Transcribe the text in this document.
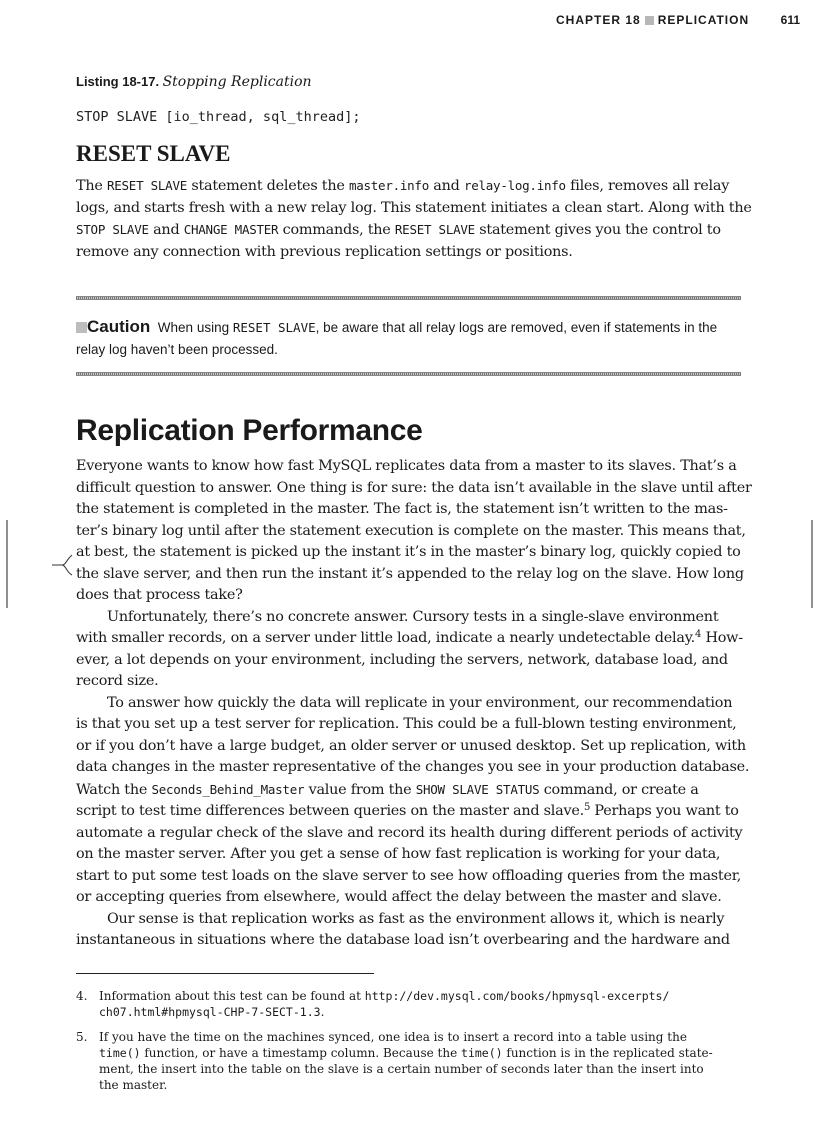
CHAPTER 18 REPLICATION	611
Listing 18-17. Stopping Replication
STOP SLAVE [io_thread, sql_thread];
RESET SLAVE

The RESET SLAVE statement deletes the master.info and relay-log.info files, removes all relay
logs, and starts fresh with a new relay log. This statement initiates a clean start. Along with the
STOP SLAVE and CHANGE MASTER commands, the RESET SLAVE statement gives you the control to
remove any connection with previous replication settings or positions.

Caution When using RESET SLAVE, be aware that all relay logs are removed, even if statements in the
relay log haven’t been processed.
Replication Performance

Everyone wants to know how fast MySQL replicates data from a master to its slaves. That’s a
difficult question to answer. One thing is for sure: the data isn’t available in the slave until after
the statement is completed in the master. The fact is, the statement isn’t written to the mas-
ter’s binary log until after the statement execution is complete on the master. This means that,
at best, the statement is picked up the instant it’s in the master’s binary log, quickly copied to
the slave server, and then run the instant it’s appended to the relay log on the slave. How long
does that process take?
Unfortunately, there’s no concrete answer. Cursory tests in a single-slave environment
with smaller records, on a server under little load, indicate a nearly undetectable delay.$^4$ How-
ever, a lot depends on your environment, including the servers, network, database load, and
record size.
To answer how quickly the data will replicate in your environment, our recommendation
is that you set up a test server for replication. This could be a full-blown testing environment,
or if you don’t have a large budget, an older server or unused desktop. Set up replication, with
data changes in the master representative of the changes you see in your production database.
Watch the Seconds_Behind_Master value from the SHOW SLAVE STATUS command, or create a
script to test time differences between queries on the master and slave.$^5$ Perhaps you want to
automate a regular check of the slave and record its health during different periods of activity
on the master server. After you get a sense of how fast replication is working for your data,
start to put some test loads on the slave server to see how offloading queries from the master,
or accepting queries from elsewhere, would affect the delay between the master and slave.
Our sense is that replication works as fast as the environment allows it, which is nearly
instantaneous in situations where the database load isn’t overbearing and the hardware and

4. Information about this test can be found at http://dev.mysql.com/books/hpmysql-excerpts/
ch07.html#hpmysql-CHP-7-SECT-1.3.
5. If you have the time on the machines synced, one idea is to insert a record into a table using the
time() function, or have a timestamp column. Because the time() function is in the replicated state-
ment, the insert into the table on the slave is a certain number of seconds later than the insert into
the master.
